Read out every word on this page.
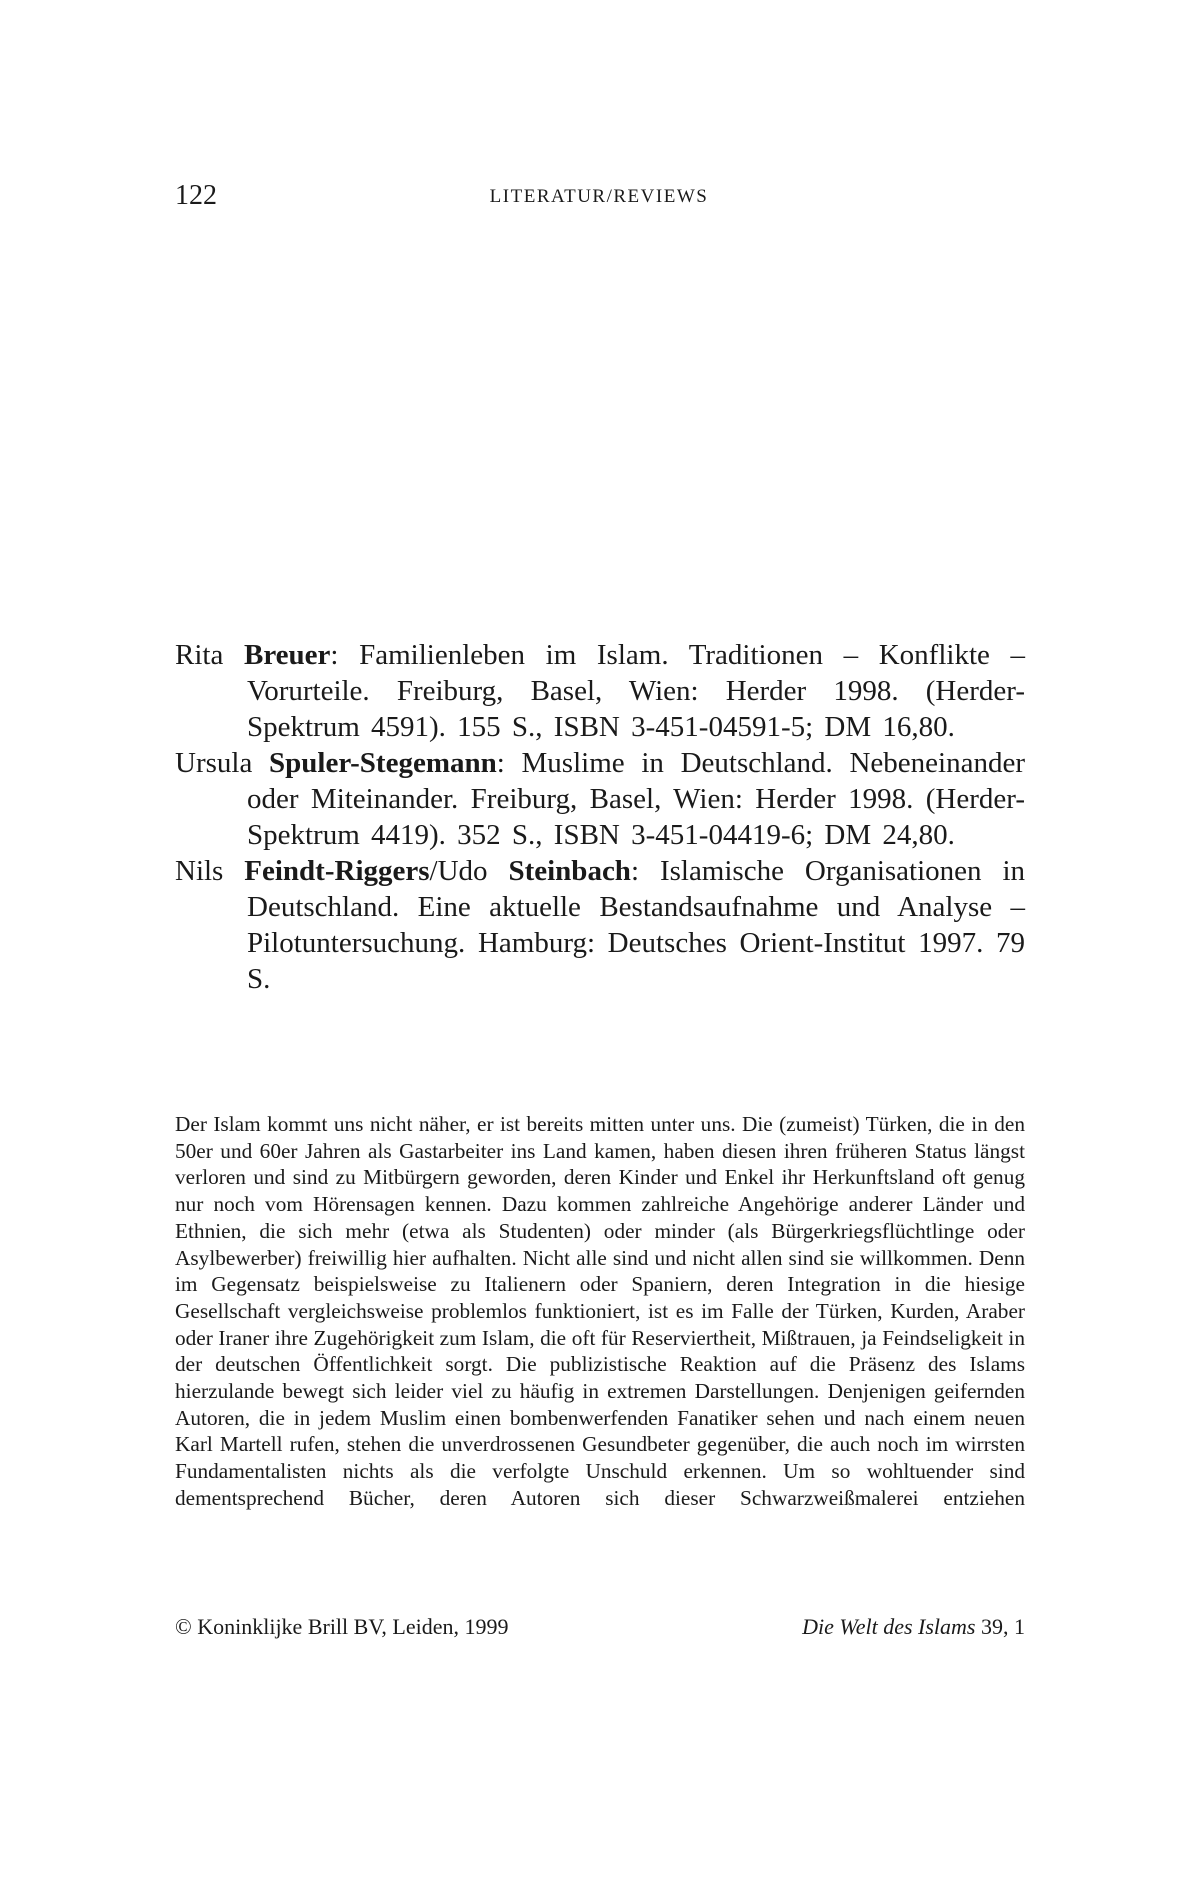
122	LITERATUR/REVIEWS

Rita Breuer: Familienleben im Islam. Traditionen – Konflikte – Vorurteile. Freiburg, Basel, Wien: Herder 1998. (Herder-Spektrum 4591). 155 S., ISBN 3-451-04591-5; DM 16,80.

Ursula Spuler-Stegemann: Muslime in Deutschland. Nebeneinander oder Miteinander. Freiburg, Basel, Wien: Herder 1998. (Herder-Spektrum 4419). 352 S., ISBN 3-451-04419-6; DM 24,80.

Nils Feindt-Riggers/Udo Steinbach: Islamische Organisationen in Deutschland. Eine aktuelle Bestandsaufnahme und Analyse – Pilotuntersuchung. Hamburg: Deutsches Orient-Institut 1997. 79 S.

Der Islam kommt uns nicht näher, er ist bereits mitten unter uns. Die (zumeist) Türken, die in den 50er und 60er Jahren als Gastarbeiter ins Land kamen, haben diesen ihren früheren Status längst verloren und sind zu Mitbürgern geworden, deren Kinder und Enkel ihr Herkunftsland oft genug nur noch vom Hörensagen kennen. Dazu kommen zahlreiche Angehörige anderer Länder und Ethnien, die sich mehr (etwa als Studenten) oder minder (als Bürgerkriegsflüchtlinge oder Asylbewerber) freiwillig hier aufhalten. Nicht alle sind und nicht allen sind sie willkommen. Denn im Gegensatz beispielsweise zu Italienern oder Spaniern, deren Integration in die hiesige Gesellschaft vergleichsweise problemlos funktioniert, ist es im Falle der Türken, Kurden, Araber oder Iraner ihre Zugehörigkeit zum Islam, die oft für Reserviertheit, Mißtrauen, ja Feindseligkeit in der deutschen Öffentlichkeit sorgt. Die publizistische Reaktion auf die Präsenz des Islams hierzulande bewegt sich leider viel zu häufig in extremen Darstellungen. Denjenigen geifernden Autoren, die in jedem Muslim einen bombenwerfenden Fanatiker sehen und nach einem neuen Karl Martell rufen, stehen die unverdrossenen Gesundbeter gegenüber, die auch noch im wirrsten Fundamentalisten nichts als die verfolgte Unschuld erkennen. Um so wohltuender sind dementsprechend Bücher, deren Autoren sich dieser Schwarzweißmalerei entziehen
© Koninklijke Brill BV, Leiden, 1999	Die Welt des Islams 39, 1
